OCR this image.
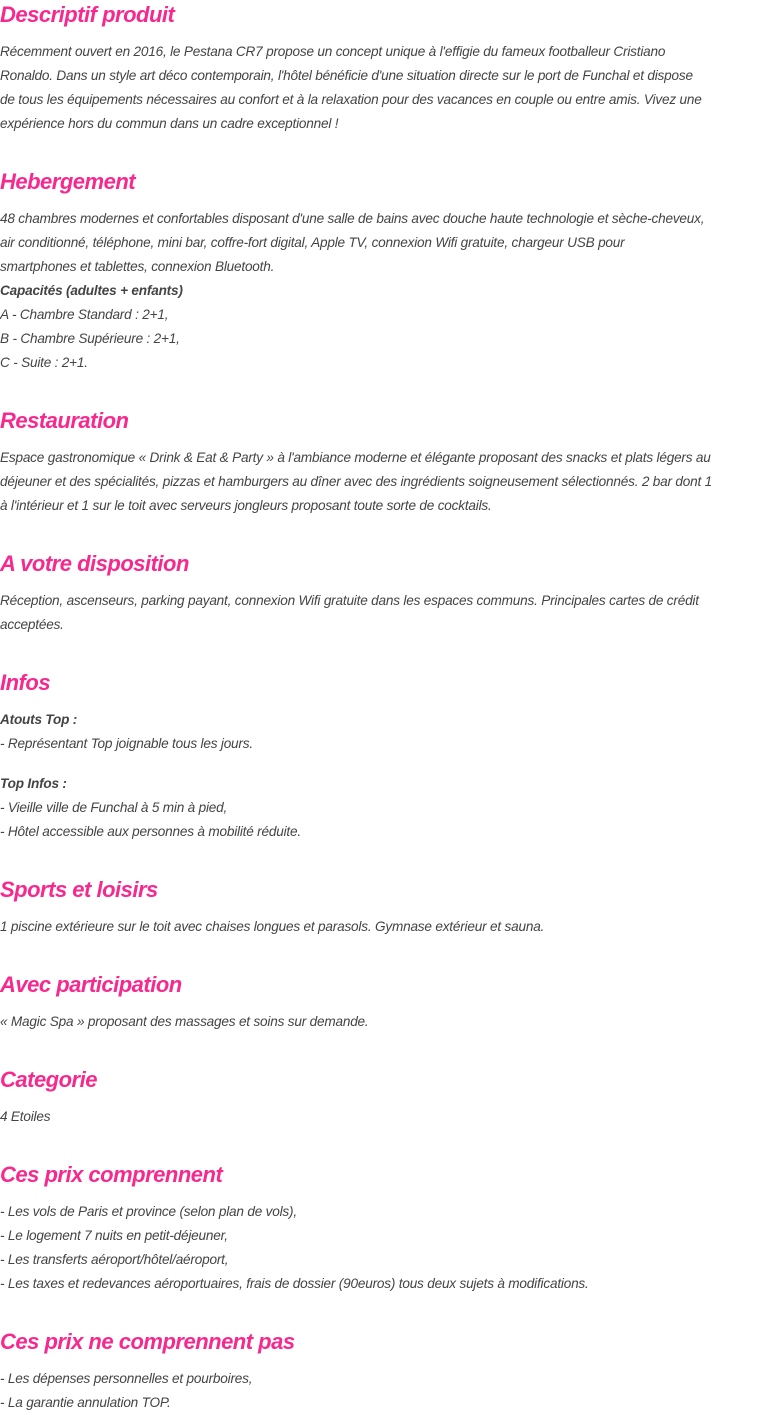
Descriptif produit
Récemment ouvert en 2016, le Pestana CR7 propose un concept unique à l'effigie du fameux footballeur Cristiano
Ronaldo. Dans un style art déco contemporain, l'hôtel bénéficie d'une situation directe sur le port de Funchal et dispose
de tous les équipements nécessaires au confort et à la relaxation pour des vacances en couple ou entre amis. Vivez une
expérience hors du commun dans un cadre exceptionnel !
Hebergement
48 chambres modernes et confortables disposant d'une salle de bains avec douche haute technologie et sèche-cheveux,
air conditionné, téléphone, mini bar, coffre-fort digital, Apple TV, connexion Wifi gratuite, chargeur USB pour
smartphones et tablettes, connexion Bluetooth.
Capacités (adultes + enfants)
A - Chambre Standard : 2+1,
B - Chambre Supérieure : 2+1,
C - Suite : 2+1.
Restauration
Espace gastronomique « Drink & Eat & Party » à l'ambiance moderne et élégante proposant des snacks et plats légers au
déjeuner et des spécialités, pizzas et hamburgers au dîner avec des ingrédients soigneusement sélectionnés. 2 bar dont 1
à l'intérieur et 1 sur le toit avec serveurs jongleurs proposant toute sorte de cocktails.
A votre disposition
Réception, ascenseurs, parking payant, connexion Wifi gratuite dans les espaces communs. Principales cartes de crédit
acceptées.
Infos
Atouts Top :
- Représentant Top joignable tous les jours.
Top Infos :
- Vieille ville de Funchal à 5 min à pied,
- Hôtel accessible aux personnes à mobilité réduite.
Sports et loisirs
1 piscine extérieure sur le toit avec chaises longues et parasols. Gymnase extérieur et sauna.
Avec participation
« Magic Spa » proposant des massages et soins sur demande.
Categorie
4 Etoiles
Ces prix comprennent
- Les vols de Paris et province (selon plan de vols),
- Le logement 7 nuits en petit-déjeuner,
- Les transferts aéroport/hôtel/aéroport,
- Les taxes et redevances aéroportuaires, frais de dossier (90euros) tous deux sujets à modifications.
Ces prix ne comprennent pas
- Les dépenses personnelles et pourboires,
- La garantie annulation TOP.
